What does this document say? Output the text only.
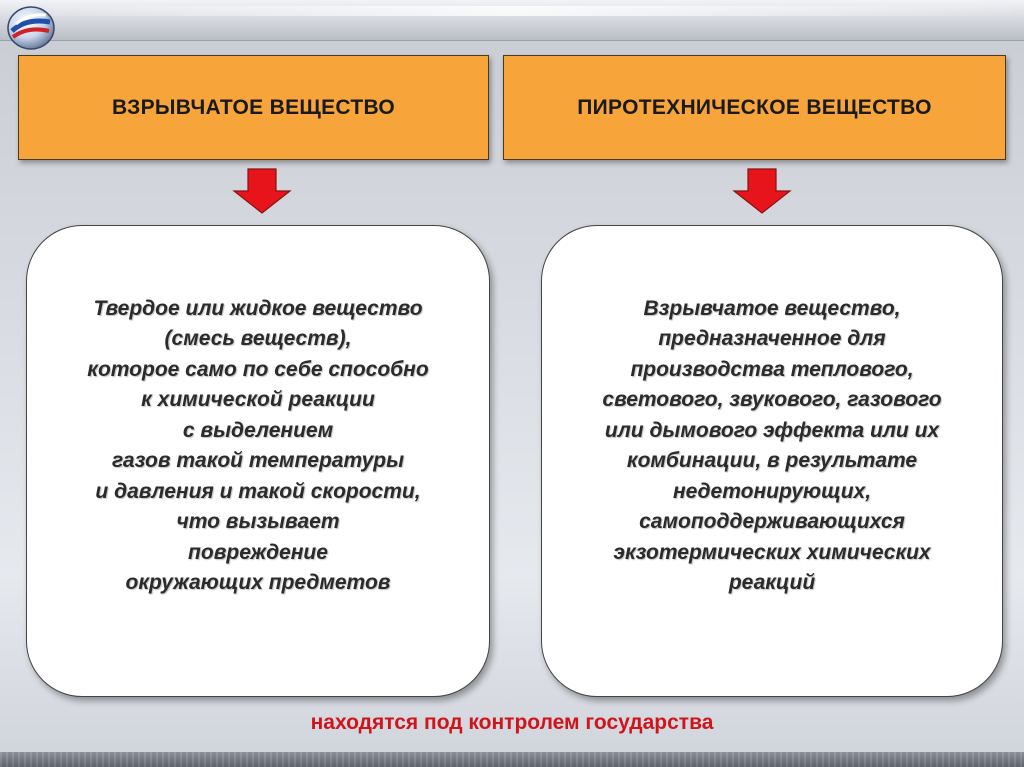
ВЗРЫВЧАТОЕ ВЕЩЕСТВО	ПИРОТЕХНИЧЕСКОЕ ВЕЩЕСТВО
Твердое или жидкое вещество
(смесь веществ),
которое само по себе способно
к химической реакции
с выделением
газов такой температуры
и давления и такой скорости,
что вызывает
повреждение
окружающих предметов
Взрывчатое вещество,
предназначенное для
производства теплового,
светового, звукового, газового
или дымового эффекта или их
комбинации, в результате
недетонирующих,
самоподдерживающихся
экзотермических химических
реакций
находятся под контролем государства
